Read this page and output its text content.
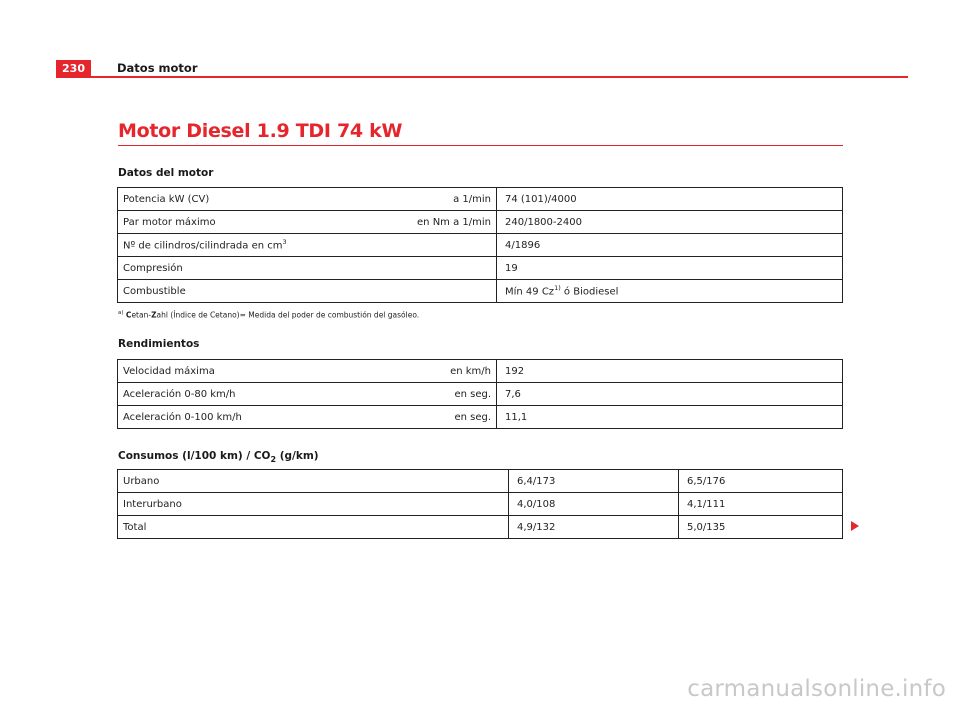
230	Datos motor
Motor Diesel 1.9 TDI 74 kW
Datos del motor
Potencia kW (CV)	a 1/min	74 (101)/4000
Par motor máximo	en Nm a 1/min	240/1800-2400
Nº de cilindros/cilindrada en $cm^3$		4/1896
Compresión		19
Combustible		Mín 49 Cz$^{1)}$ ó Biodiesel
$^{a)}$ Cetan-Zahl (Índice de Cetano)= Medida del poder de combustión del gasóleo.
Rendimientos
Velocidad máxima	en km/h	192
Aceleración 0-80 km/h	en seg.	7,6
Aceleración 0-100 km/h	en seg.	11,1
Consumos (l/100 $km) / CO_2$ (g/km)
Urbano	6,4/173	6,5/176
Interurbano	4,0/108	4,1/111
Total	4,9/132	5,0/135
carmanualsonline.info
